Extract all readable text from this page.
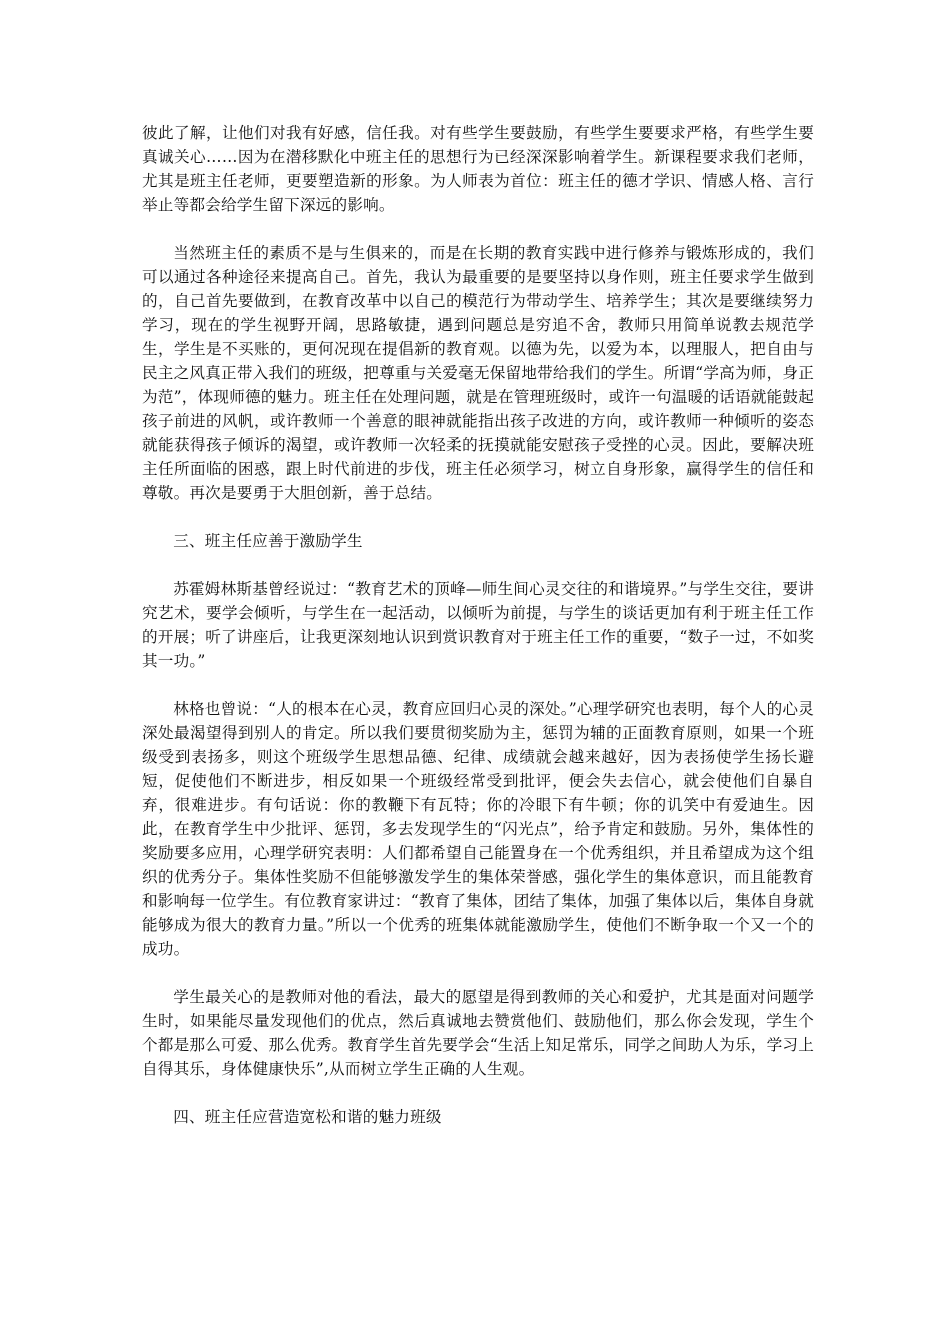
彼此了解，让他们对我有好感，信任我。对有些学生要鼓励，有些学生要要求严格，有些学生要真诚关心……因为在潜移默化中班主任的思想行为已经深深影响着学生。新课程要求我们老师，尤其是班主任老师，更要塑造新的形象。为人师表为首位：班主任的德才学识、情感人格、言行举止等都会给学生留下深远的影响。

当然班主任的素质不是与生俱来的，而是在长期的教育实践中进行修养与锻炼形成的，我们可以通过各种途径来提高自己。首先，我认为最重要的是要坚持以身作则，班主任要求学生做到的，自己首先要做到，在教育改革中以自己的模范行为带动学生、培养学生；其次是要继续努力学习，现在的学生视野开阔，思路敏捷，遇到问题总是穷追不舍，教师只用简单说教去规范学生，学生是不买账的，更何况现在提倡新的教育观。以德为先，以爱为本，以理服人，把自由与民主之风真正带入我们的班级，把尊重与关爱毫无保留地带给我们的学生。所谓“学高为师，身正为范”，体现师德的魅力。班主任在处理问题，就是在管理班级时，或许一句温暖的话语就能鼓起孩子前进的风帆，或许教师一个善意的眼神就能指出孩子改进的方向，或许教师一种倾听的姿态就能获得孩子倾诉的渴望，或许教师一次轻柔的抚摸就能安慰孩子受挫的心灵。因此，要解决班主任所面临的困惑，跟上时代前进的步伐，班主任必须学习，树立自身形象，赢得学生的信任和尊敬。再次是要勇于大胆创新，善于总结。

三、班主任应善于激励学生

苏霍姆林斯基曾经说过：“教育艺术的顶峰—师生间心灵交往的和谐境界。”与学生交往，要讲究艺术，要学会倾听，与学生在一起活动，以倾听为前提，与学生的谈话更加有利于班主任工作的开展；听了讲座后，让我更深刻地认识到赏识教育对于班主任工作的重要，“数子一过，不如奖其一功。”

林格也曾说：“人的根本在心灵，教育应回归心灵的深处。”心理学研究也表明，每个人的心灵深处最渴望得到别人的肯定。所以我们要贯彻奖励为主，惩罚为辅的正面教育原则，如果一个班级受到表扬多，则这个班级学生思想品德、纪律、成绩就会越来越好，因为表扬使学生扬长避短，促使他们不断进步，相反如果一个班级经常受到批评，便会失去信心，就会使他们自暴自弃，很难进步。有句话说：你的教鞭下有瓦特；你的冷眼下有牛顿；你的讥笑中有爱迪生。因此，在教育学生中少批评、惩罚，多去发现学生的“闪光点”，给予肯定和鼓励。另外，集体性的奖励要多应用，心理学研究表明：人们都希望自己能置身在一个优秀组织，并且希望成为这个组织的优秀分子。集体性奖励不但能够激发学生的集体荣誉感，强化学生的集体意识，而且能教育和影响每一位学生。有位教育家讲过：“教育了集体，团结了集体，加强了集体以后，集体自身就能够成为很大的教育力量。”所以一个优秀的班集体就能激励学生，使他们不断争取一个又一个的成功。

学生最关心的是教师对他的看法，最大的愿望是得到教师的关心和爱护，尤其是面对问题学生时，如果能尽量发现他们的优点，然后真诚地去赞赏他们、鼓励他们，那么你会发现，学生个个都是那么可爱、那么优秀。教育学生首先要学会“生活上知足常乐，同学之间助人为乐，学习上自得其乐，身体健康快乐”,从而树立学生正确的人生观。

四、班主任应营造宽松和谐的魅力班级
